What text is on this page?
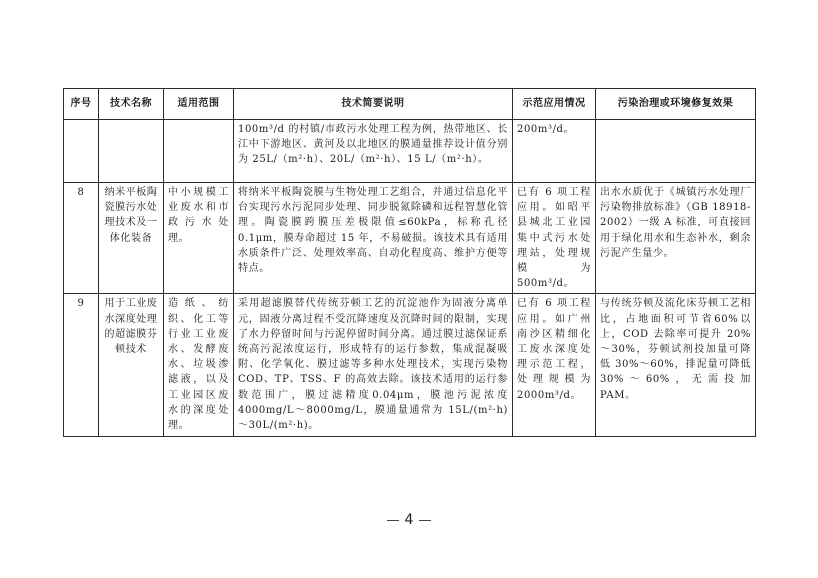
序号	技术名称	适用范围	技术简要说明	示范应用情况	污染治理或环境修复效果
			100m³/d 的村镇/市政污水处理工程为例，热带地区、长江中下游地区、黄河及以北地区的膜通量推荐设计值分别为 25L/（m²·h）、20L/（m²·h）、15 L/（m²·h）。	200m³/d。	
8	纳米平板陶瓷膜污水处理技术及一体化装备	中小规模工业废水和市政污水处理。	将纳米平板陶瓷膜与生物处理工艺组合，并通过信息化平台实现污水污泥同步处理、同步脱氮除磷和远程智慧化管理。陶瓷膜跨膜压差极限值≤60kPa，标称孔径 0.1μm，膜寿命超过 15 年，不易破损。该技术具有适用水质条件广泛、处理效率高、自动化程度高、维护方便等特点。	已有 6 项工程应用。如昭平县城北工业园集中式污水处理站，处理规模为500m³/d。	出水水质优于《城镇污水处理厂污染物排放标准》（GB 18918-2002）一级 A 标准，可直接回用于绿化用水和生态补水，剩余污泥产生量少。
9	用于工业废水深度处理的超滤膜芬顿技术	造纸、纺织、化工等行业工业废水、发酵废水、垃圾渗滤液，以及工业园区废水的深度处理。	采用超滤膜替代传统芬顿工艺的沉淀池作为固液分离单元，固液分离过程不受沉降速度及沉降时间的限制，实现了水力停留时间与污泥停留时间分离。通过膜过滤保证系统高污泥浓度运行，形成特有的运行参数，集成混凝吸附、化学氧化、膜过滤等多种水处理技术，实现污染物 COD、TP、TSS、F 的高效去除。该技术适用的运行参数范围广，膜过滤精度0.04μm，膜池污泥浓度 4000mg/L～8000mg/L，膜通量通常为 15L/(m²·h)～30L/(m²·h)。	已有 6 项工程应用。如广州南沙区精细化工废水深度处理示范工程，处理规模为2000m³/d。	与传统芬顿及流化床芬顿工艺相比，占地面积可节省60%以上，COD 去除率可提升 20%～30%，芬顿试剂投加量可降低 30%～60%，排泥量可降低 30%～60%，无需投加 PAM。
4
